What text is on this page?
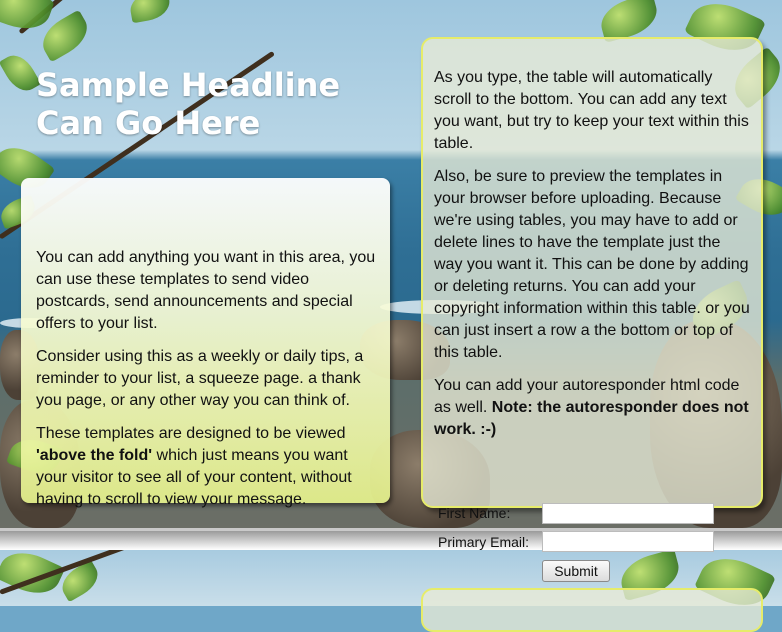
Sample Headline
Can Go Here

You can add anything you want in this area, you can use these templates to send video postcards, send announcements and special offers to your list.

Consider using this as a weekly or daily tips, a reminder to your list, a squeeze page. a thank you page, or any other way you can think of.

These templates are designed to be viewed 'above the fold' which just means you want your visitor to see all of your content, without having to scroll to view your message.

As you type, the table will automatically scroll to the bottom. You can add any text you want, but try to keep your text within this table.

Also, be sure to preview the templates in your browser before uploading. Because we're using tables, you may have to add or delete lines to have the template just the way you want it. This can be done by adding or deleting returns. You can add your copyright information within this table. or you can just insert a row a the bottom or top of this table.

You can add your autoresponder html code as well. Note: the autoresponder does not work. :-)

First Name:
Primary Email:
Submit
